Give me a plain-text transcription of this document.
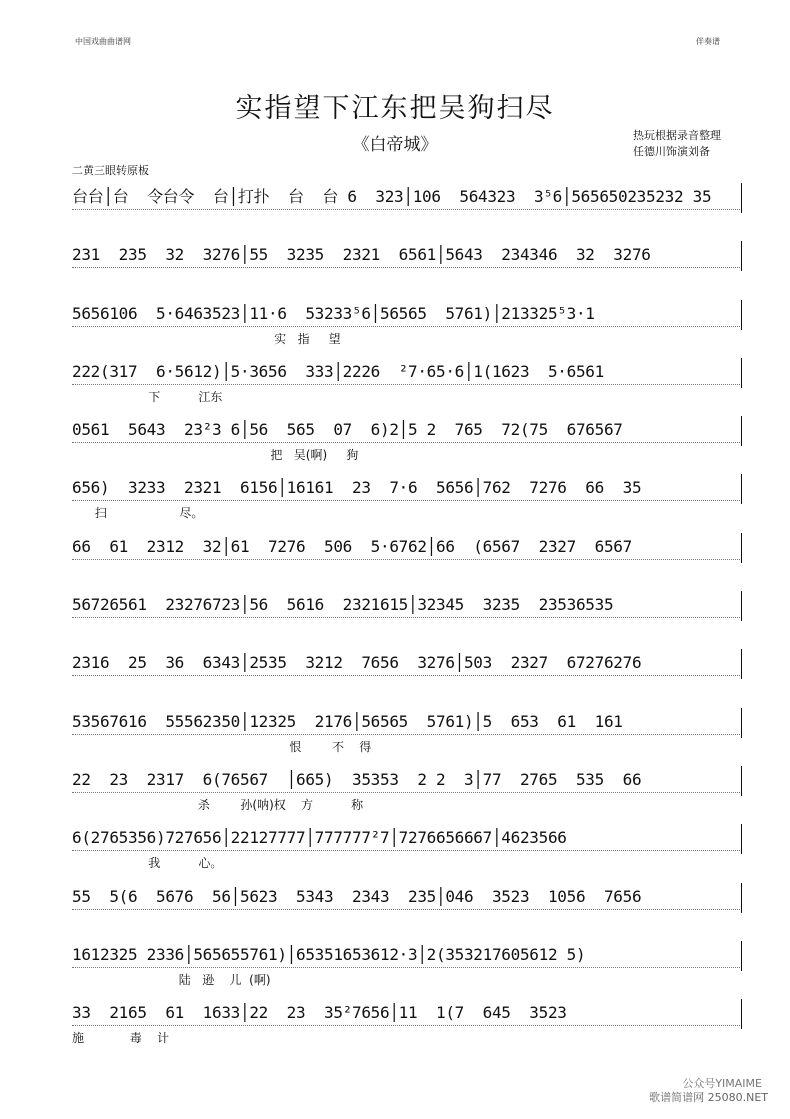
中国戏曲曲谱网	伴奏谱
实指望下江东把吴狗扫尽
《白帝城》	热玩根据录音整理
任德川饰演刘备
二黄三眼转原板
台台│台  令台令  台│打扑  台  台 6  323│106  564323  3⁵6│565650235232 35
231  235  32  3276│55  3235  2321  6561│5643  234346  32  3276
5656106  5·6463523│11·6  53233⁵6│56565  5761)│213325⁵3·1
实   指     望
222(317  6·5612)│5·3656  333│2226  ²7·65·6│1(1623  5·6561
下          江东
0561  5643  23²3 6│56  565  07  6)2│5 2  765  72(75  676567
把   吴(啊)     狗
656)  3233  2321  6156│16161  23  7·6  5656│762  7276  66  35
扫                   尽。
66  61  2312  32│61  7276  506  5·6762│66  (6567  2327  6567
56726561  23276723│56  5616  2321615│32345  3235  23536535
2316  25  36  6343│2535  3212  7656  3276│503  2327  67276276
53567616  55562350│12325  2176│56565  5761)│5  653  61  161
恨        不    得
22  23  2317  6(76567  │665)  35353  2 2  3│77  2765  535  66
杀        孙(呐)权    方          称
6(2765356)727656│22127777│777777²7│7276656667│4623566
我          心。
55  5(6  5676  56│5623  5343  2343  235│046  3523  1056  7656
1612325 2336│565655761)│65351653612·3│2(353217605612 5)
陆   逊    儿  (啊)
33  2165  61  1633│22  23  35²7656│11  1(7  645  3523
施            毒    计
公众号YIMAIME
歌谱简谱网 25080.NET
